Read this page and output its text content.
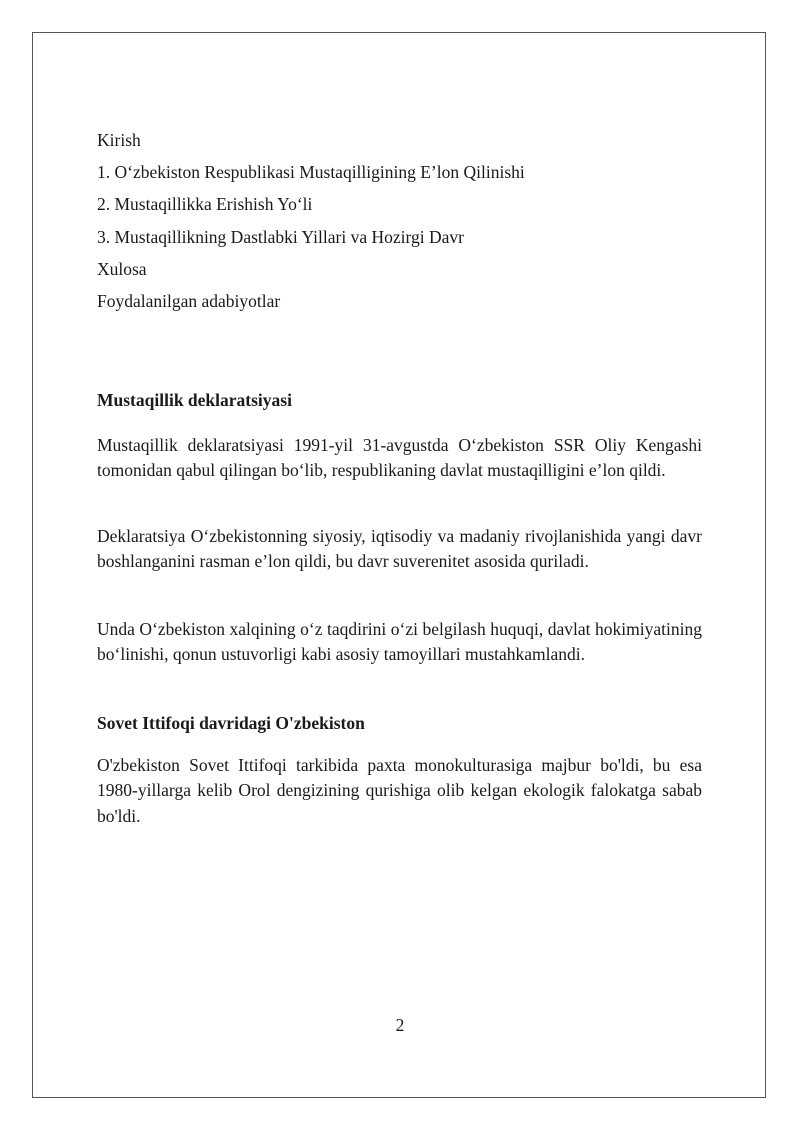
Kirish
1. O‘zbekiston Respublikasi Mustaqilligining E’lon Qilinishi
2. Mustaqillikka Erishish Yo‘li
3. Mustaqillikning Dastlabki Yillari va Hozirgi Davr
Xulosa
Foydalanilgan adabiyotlar
Mustaqillik deklaratsiyasi

Mustaqillik deklaratsiyasi 1991-yil 31-avgustda O‘zbekiston SSR Oliy Kengashi tomonidan qabul qilingan bo‘lib, respublikaning davlat mustaqilligini e’lon qildi.

Deklaratsiya O‘zbekistonning siyosiy, iqtisodiy va madaniy rivojlanishida yangi davr boshlanganini rasman e’lon qildi, bu davr suverenitet asosida quriladi.

Unda O‘zbekiston xalqining o‘z taqdirini o‘zi belgilash huquqi, davlat hokimiyatining bo‘linishi, qonun ustuvorligi kabi asosiy tamoyillari mustahkamlandi.

Sovet Ittifoqi davridagi O'zbekiston

O'zbekiston Sovet Ittifoqi tarkibida paxta monokulturasiga majbur bo'ldi, bu esa 1980-yillarga kelib Orol dengizining qurishiga olib kelgan ekologik falokatga sabab bo'ldi.

2
